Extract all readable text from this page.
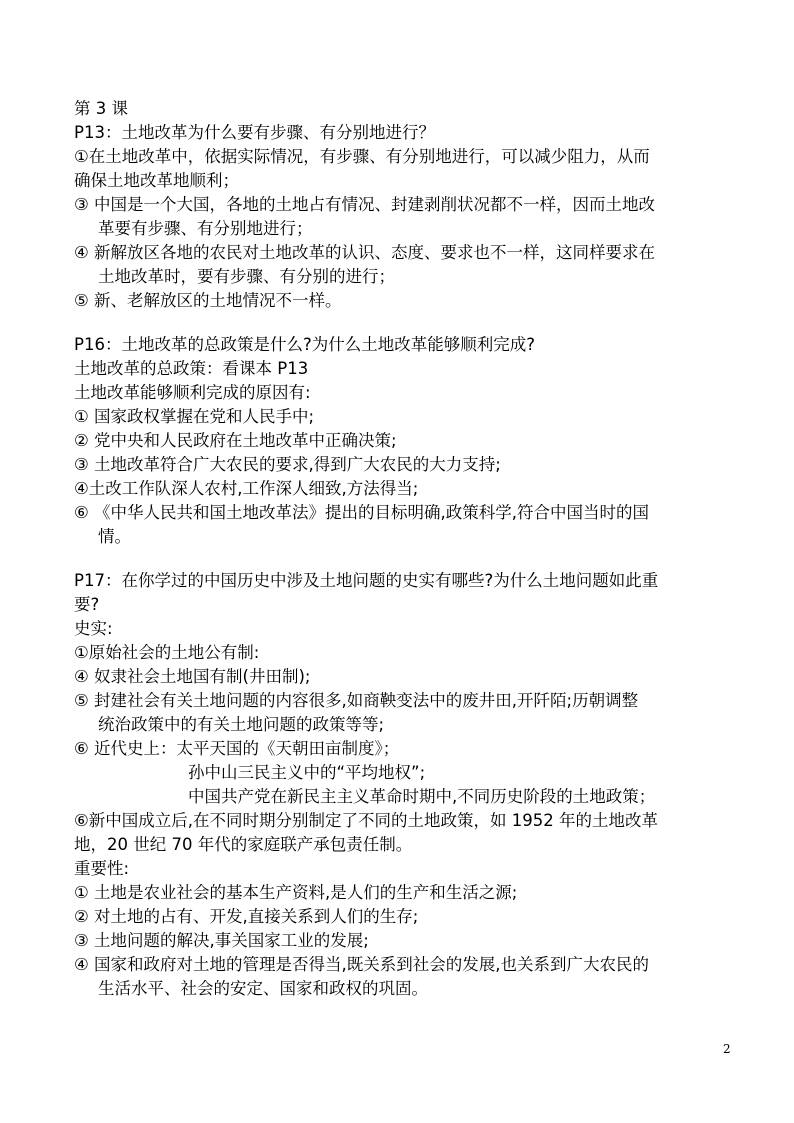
第 3 课
P13：土地改革为什么要有步骤、有分别地进行？
①在土地改革中，依据实际情况，有步骤、有分别地进行，可以减少阻力，从而
确保土地改革地顺利；
③ 中国是一个大国，各地的土地占有情况、封建剥削状况都不一样，因而土地改
革要有步骤、有分别地进行；
④ 新解放区各地的农民对土地改革的认识、态度、要求也不一样，这同样要求在
土地改革时，要有步骤、有分别的进行；
⑤ 新、老解放区的土地情况不一样。
P16：土地改革的总政策是什么?为什么土地改革能够顺利完成?
土地改革的总政策：看课本 P13
土地改革能够顺利完成的原因有:
① 国家政权掌握在党和人民手中;
② 党中央和人民政府在土地改革中正确决策;
③ 土地改革符合广大农民的要求,得到广大农民的大力支持;
④土改工作队深人农村,工作深人细致,方法得当;
⑥ 《中华人民共和国土地改革法》提出的目标明确,政策科学,符合中国当时的国
情。
P17：在你学过的中国历史中涉及土地问题的史实有哪些?为什么土地问题如此重
要?
史实:
①原始社会的土地公有制:
④ 奴隶社会土地国有制(井田制);
⑤ 封建社会有关土地问题的内容很多,如商鞅变法中的废井田,开阡陌;历朝调整
统治政策中的有关土地问题的政策等等;
⑥ 近代史上：太平天国的《天朝田亩制度》；
孙中山三民主义中的“平均地权”;
中国共产党在新民主主义革命时期中,不同历史阶段的土地政策；
⑥新中国成立后,在不同时期分别制定了不同的土地政策，如 1952 年的土地改革
地，20 世纪 70 年代的家庭联产承包责任制。
重要性:
① 土地是农业社会的基本生产资料,是人们的生产和生活之源;
② 对土地的占有、开发,直接关系到人们的生存;
③ 土地问题的解决,事关国家工业的发展;
④ 国家和政府对土地的管理是否得当,既关系到社会的发展,也关系到广大农民的
生活水平、社会的安定、国家和政权的巩固。
2
